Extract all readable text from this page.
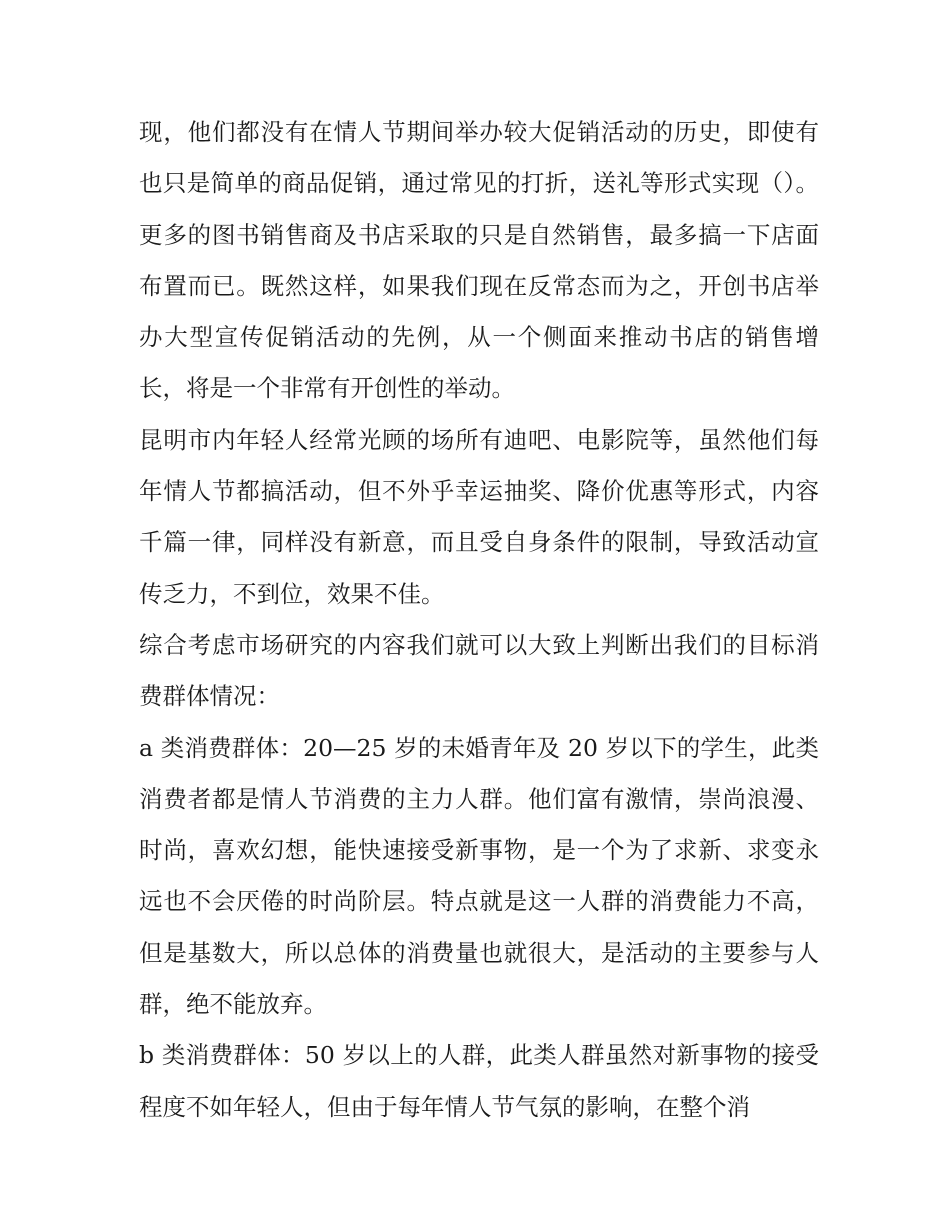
现，他们都没有在情人节期间举办较大促销活动的历史，即使有也只是简单的商品促销，通过常见的打折，送礼等形式实现（）。更多的图书销售商及书店采取的只是自然销售，最多搞一下店面布置而已。既然这样，如果我们现在反常态而为之，开创书店举办大型宣传促销活动的先例，从一个侧面来推动书店的销售增长，将是一个非常有开创性的举动。

昆明市内年轻人经常光顾的场所有迪吧、电影院等，虽然他们每年情人节都搞活动，但不外乎幸运抽奖、降价优惠等形式，内容千篇一律，同样没有新意，而且受自身条件的限制，导致活动宣传乏力，不到位，效果不佳。

综合考虑市场研究的内容我们就可以大致上判断出我们的目标消费群体情况：

a 类消费群体：20—25 岁的未婚青年及 20 岁以下的学生，此类消费者都是情人节消费的主力人群。他们富有激情，崇尚浪漫、时尚，喜欢幻想，能快速接受新事物，是一个为了求新、求变永远也不会厌倦的时尚阶层。特点就是这一人群的消费能力不高，但是基数大，所以总体的消费量也就很大，是活动的主要参与人群，绝不能放弃。

b 类消费群体：50 岁以上的人群，此类人群虽然对新事物的接受程度不如年轻人，但由于每年情人节气氛的影响，在整个消
